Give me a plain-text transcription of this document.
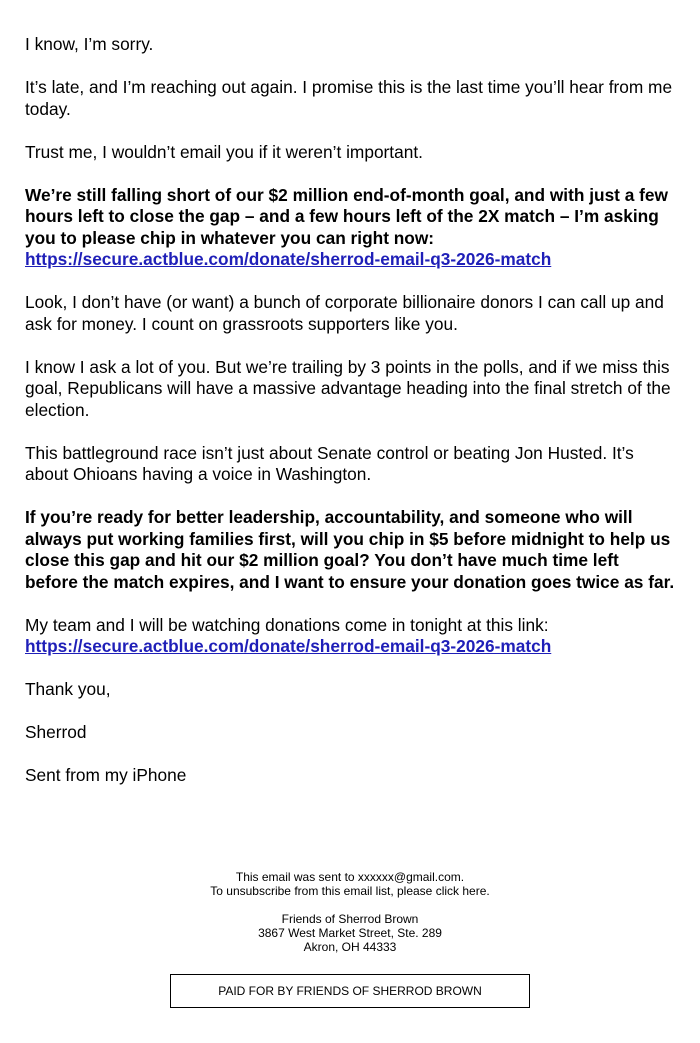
I know, I’m sorry.

It’s late, and I’m reaching out again. I promise this is the last time you’ll hear from me today.

Trust me, I wouldn’t email you if it weren’t important.

We’re still falling short of our $2 million end-of-month goal, and with just a few hours left to close the gap – and a few hours left of the 2X match – I’m asking you to please chip in whatever you can right now:
https://secure.actblue.com/donate/sherrod-email-q3-2026-match

Look, I don’t have (or want) a bunch of corporate billionaire donors I can call up and ask for money. I count on grassroots supporters like you.

I know I ask a lot of you. But we’re trailing by 3 points in the polls, and if we miss this goal, Republicans will have a massive advantage heading into the final stretch of the election.

This battleground race isn’t just about Senate control or beating Jon Husted. It’s about Ohioans having a voice in Washington.

If you’re ready for better leadership, accountability, and someone who will always put working families first, will you chip in $5 before midnight to help us close this gap and hit our $2 million goal? You don’t have much time left before the match expires, and I want to ensure your donation goes twice as far.

My team and I will be watching donations come in tonight at this link:
https://secure.actblue.com/donate/sherrod-email-q3-2026-match

Thank you,

Sherrod

Sent from my iPhone

This email was sent to xxxxxx@gmail.com.
To unsubscribe from this email list, please click here.

Friends of Sherrod Brown
3867 West Market Street, Ste. 289
Akron, OH 44333

PAID FOR BY FRIENDS OF SHERROD BROWN
